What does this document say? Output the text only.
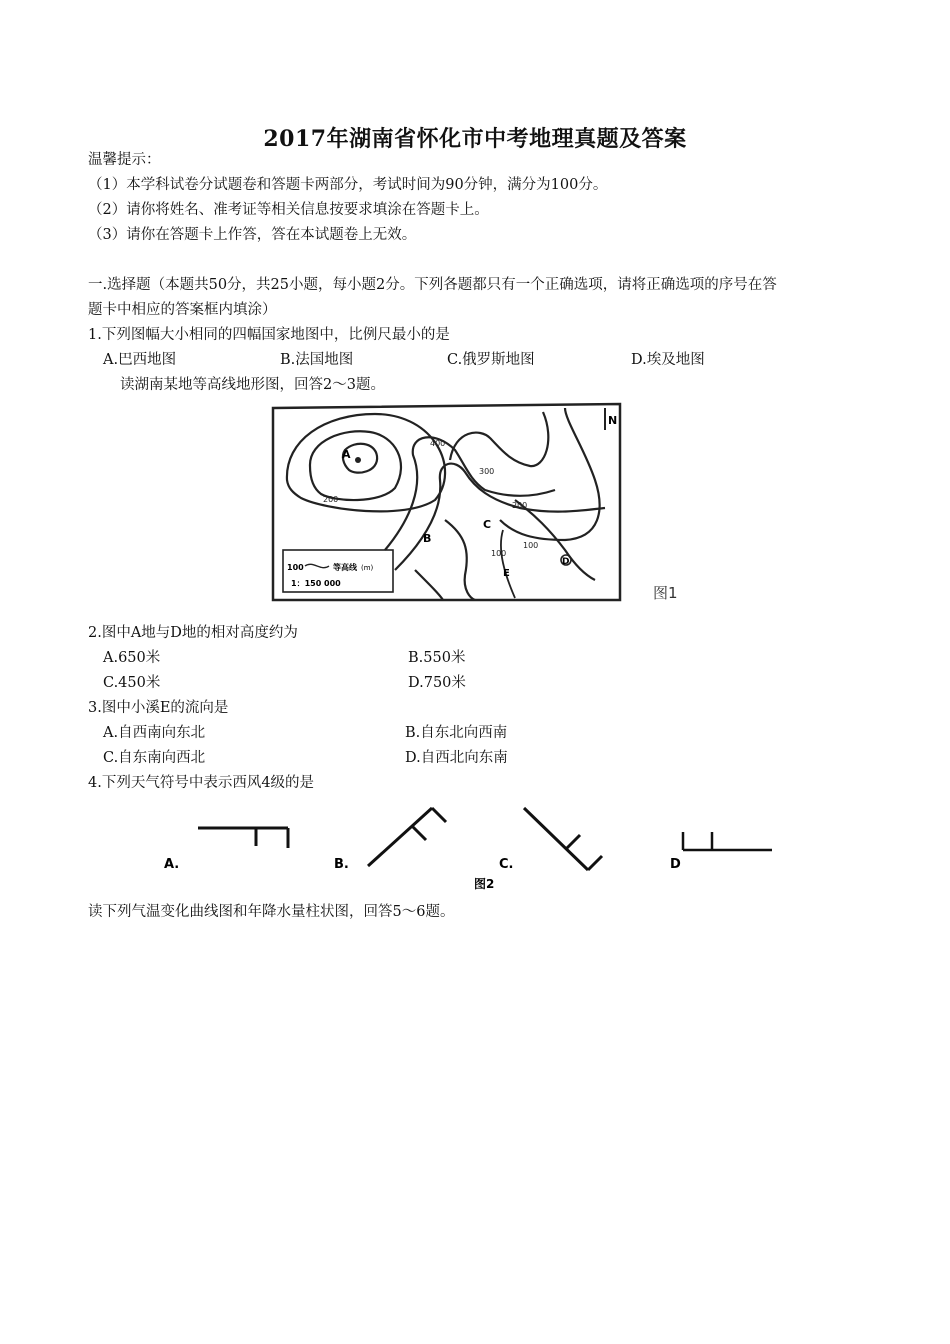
2017年湖南省怀化市中考地理真题及答案
温馨提示：
（1）本学科试卷分试题卷和答题卡两部分，考试时间为90分钟，满分为100分。
（2）请你将姓名、准考证等相关信息按要求填涂在答题卡上。
（3）请你在答题卡上作答，答在本试题卷上无效。
一.选择题（本题共50分，共25小题，每小题2分。下列各题都只有一个正确选项，请将正确选项的序号在答
题卡中相应的答案框内填涂）
1.下列图幅大小相同的四幅国家地图中，比例尺最小的是
A.巴西地图	B.法国地图	C.俄罗斯地图	D.埃及地图
读湖南某地等高线地形图，回答2～3题。
N
A
B
C
D
E
400
300
200
100
200
100
100	等高线 (m)
1：150 000
图1
2.图中A地与D地的相对高度约为
A.650米	B.550米
C.450米	D.750米
3.图中小溪E的流向是
A.自西南向东北	B.自东北向西南
C.自东南向西北	D.自西北向东南
4.下列天气符号中表示西风4级的是
A.	B.	C.	D
图2
读下列气温变化曲线图和年降水量柱状图，回答5～6题。
